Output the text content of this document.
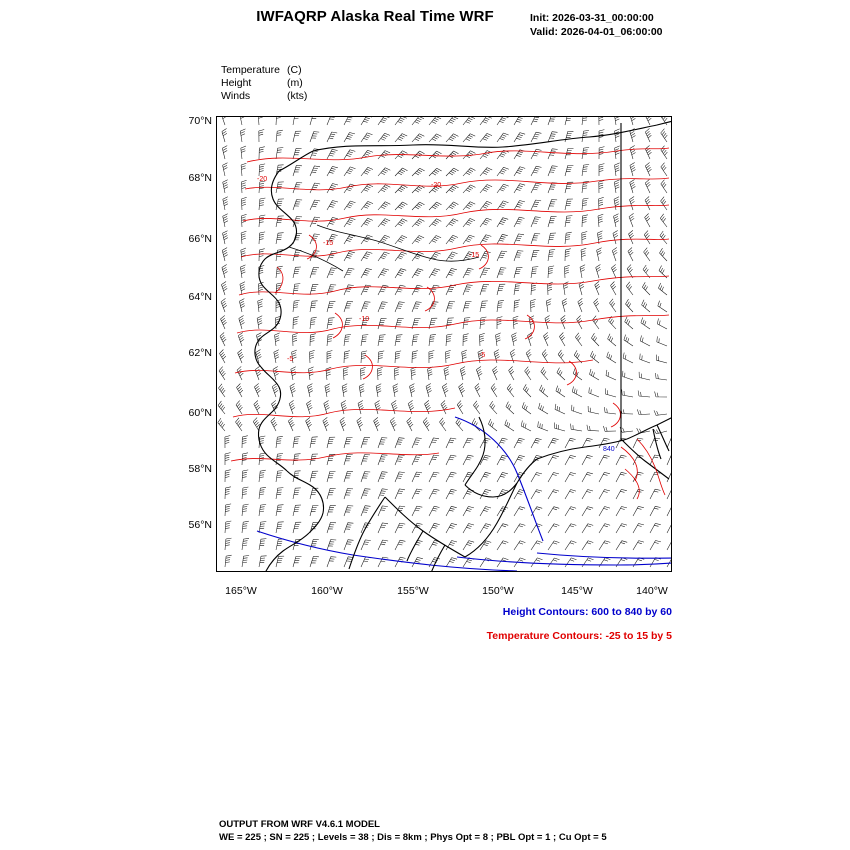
IWFAQRP Alaska Real Time WRF	Init: 2026-03-31_00:00:00
Valid: 2026-04-01_06:00:00
Temperature (C)
Height	(m)
Winds	(kts)
70°N
68°N
66°N
64°N
62°N
60°N
58°N
56°N
165°W	160°W	155°W	150°W	145°W	140°W
-20
-20
-15
-15
-10
-5
-5
840
Height Contours: 600 to 840 by 60
Temperature Contours: -25 to 15 by 5
OUTPUT FROM WRF V4.6.1 MODEL
WE = 225 ; SN = 225 ; Levels = 38 ; Dis = 8km ; Phys Opt = 8 ; PBL Opt = 1 ; Cu Opt = 5
